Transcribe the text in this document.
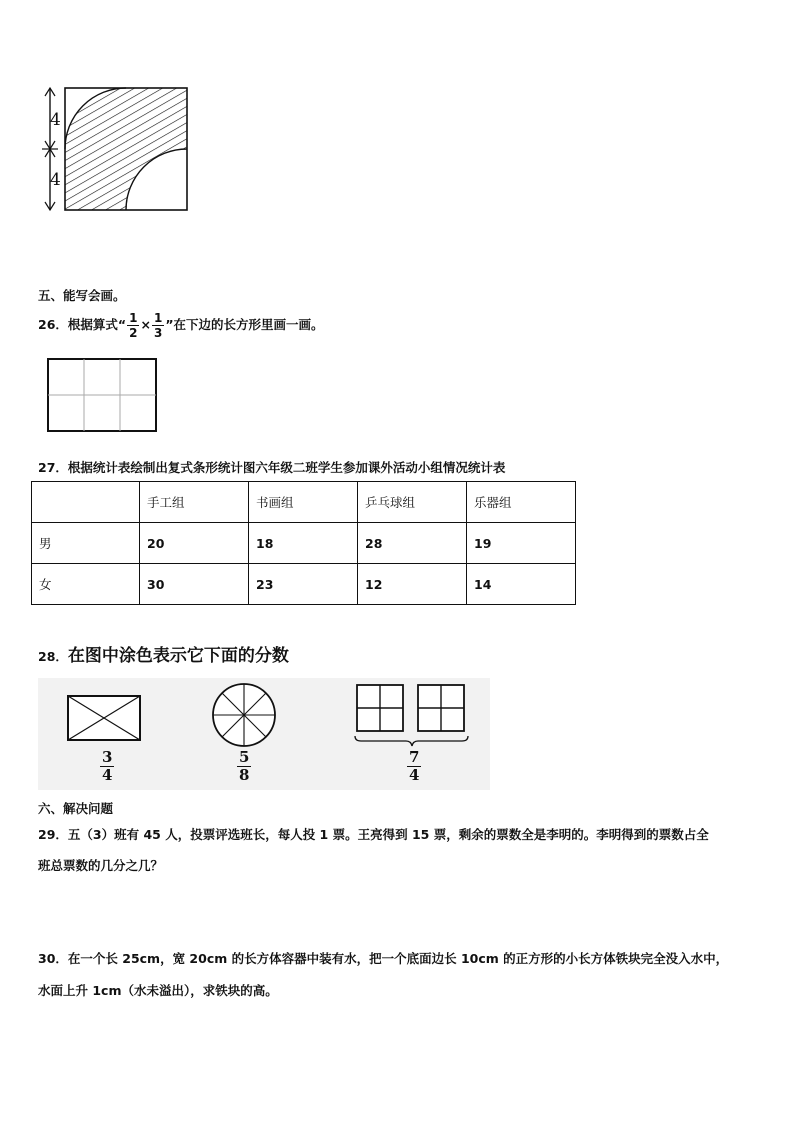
4
4
五、能写会画。
26．根据算式“ $\frac{1}{2} \times \frac{1}{3}$ ”在下边的长方形里画一画。
27．根据统计表绘制出复式条形统计图六年级二班学生参加课外活动小组情况统计表
	手工组	书画组	乒乓球组	乐器组
男	20	18	28	19
女	30	23	12	14
28．在图中涂色表示它下面的分数
$\frac{3}{4}$	$\frac{5}{8}$	$\frac{7}{4}$
六、解决问题
29．五（3）班有 45 人，投票评选班长，每人投 1 票。王亮得到 15 票，剩余的票数全是李明的。李明得到的票数占全
班总票数的几分之几？
30．在一个长 25cm，宽 20cm 的长方体容器中装有水，把一个底面边长 10cm 的正方形的小长方体铁块完全没入水中，
水面上升 1cm（水未溢出），求铁块的高。
